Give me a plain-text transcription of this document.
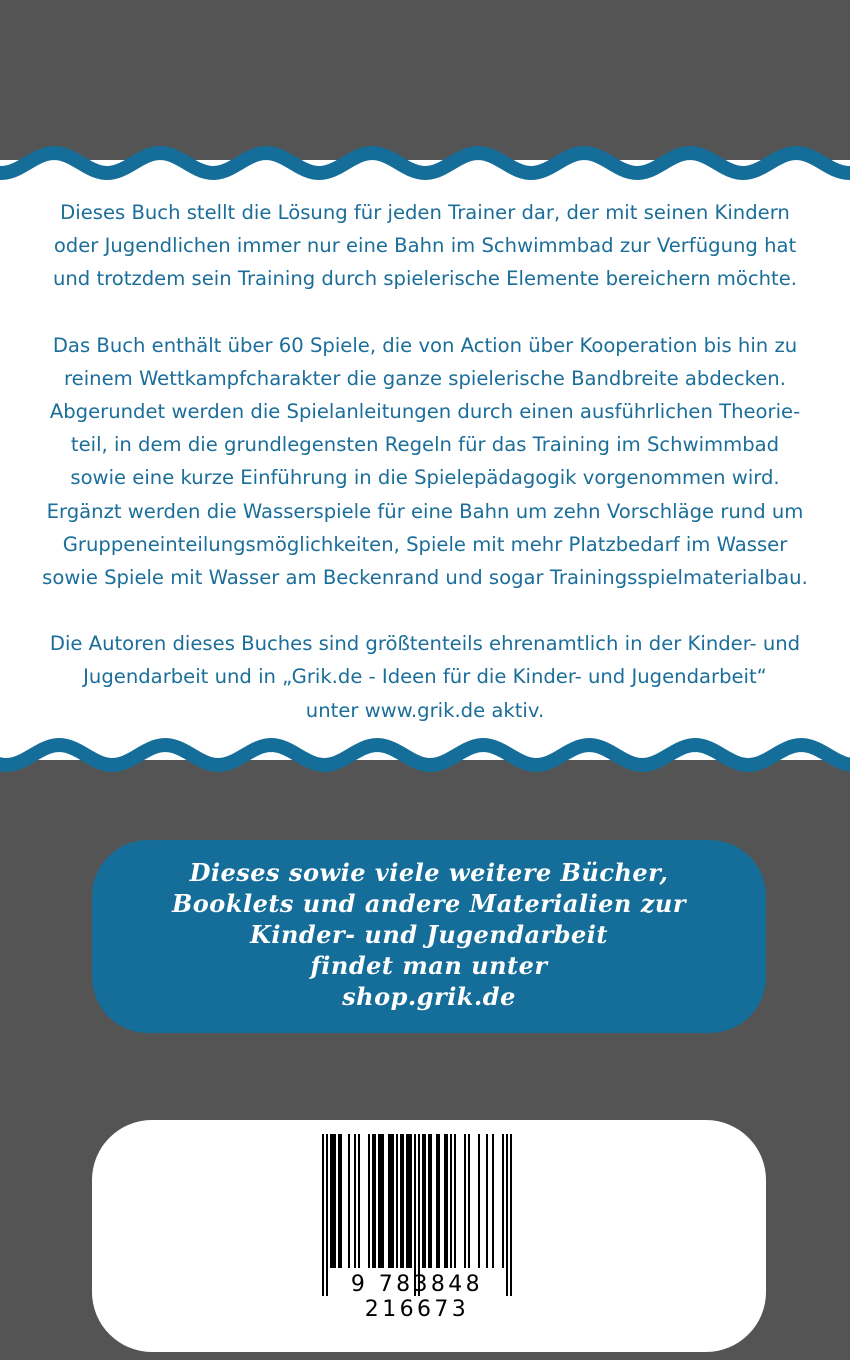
Dieses Buch stellt die Lösung für jeden Trainer dar, der mit seinen Kindern
oder Jugendlichen immer nur eine Bahn im Schwimmbad zur Verfügung hat
und trotzdem sein Training durch spielerische Elemente bereichern möchte.

Das Buch enthält über 60 Spiele, die von Action über Kooperation bis hin zu
reinem Wettkampfcharakter die ganze spielerische Bandbreite abdecken.
Abgerundet werden die Spielanleitungen durch einen ausführlichen Theorie-
teil, in dem die grundlegensten Regeln für das Training im Schwimmbad
sowie eine kurze Einführung in die Spielepädagogik vorgenommen wird.
Ergänzt werden die Wasserspiele für eine Bahn um zehn Vorschläge rund um
Gruppeneinteilungsmöglichkeiten, Spiele mit mehr Platzbedarf im Wasser
sowie Spiele mit Wasser am Beckenrand und sogar Trainingsspielmaterialbau.

Die Autoren dieses Buches sind größtenteils ehrenamtlich in der Kinder- und
Jugendarbeit und in „Grik.de - Ideen für die Kinder- und Jugendarbeit“
unter www.grik.de aktiv.

Dieses sowie viele weitere Bücher,
Booklets und andere Materialien zur
Kinder- und Jugendarbeit
findet man unter
shop.grik.de
9 783848 216673
